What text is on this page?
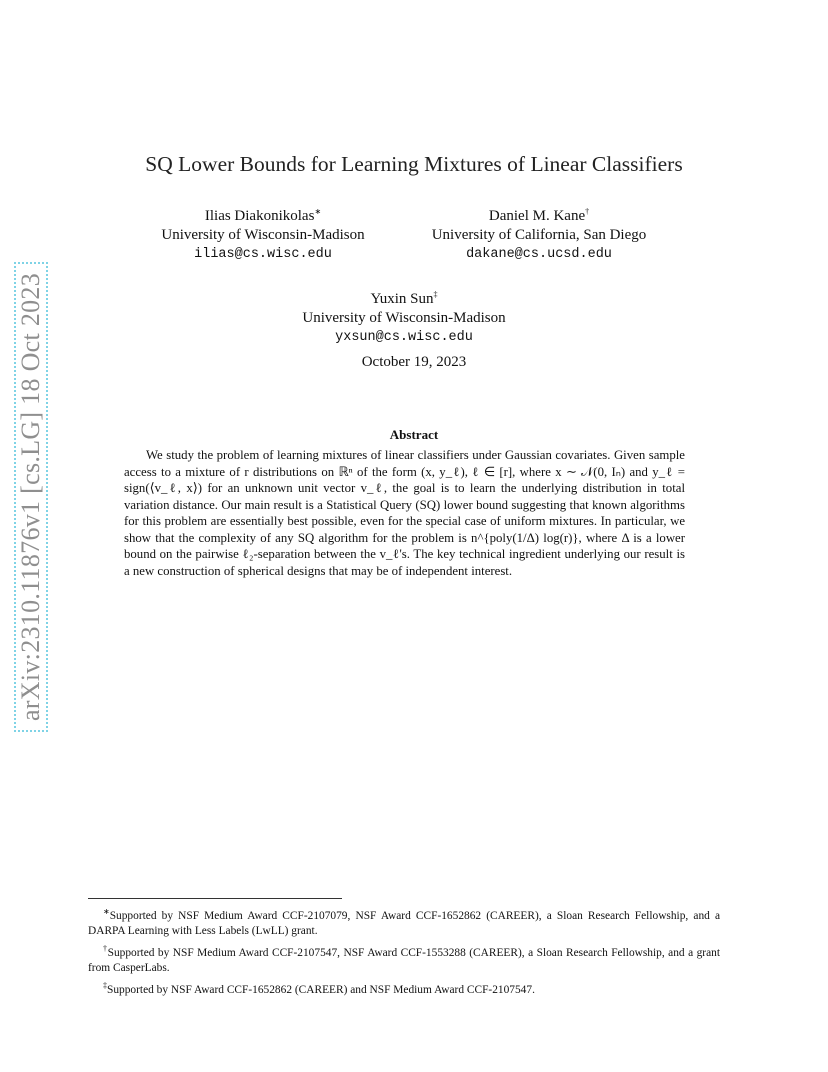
arXiv:2310.11876v1 [cs.LG] 18 Oct 2023
SQ Lower Bounds for Learning Mixtures of Linear Classifiers
Ilias Diakonikolas∗
University of Wisconsin-Madison
ilias@cs.wisc.edu
Daniel M. Kane†
University of California, San Diego
dakane@cs.ucsd.edu
Yuxin Sun‡
University of Wisconsin-Madison
yxsun@cs.wisc.edu
October 19, 2023
Abstract
We study the problem of learning mixtures of linear classifiers under Gaussian covariates. Given sample access to a mixture of r distributions on ℝⁿ of the form (x, y_ℓ), ℓ ∈ [r], where x ∼ 𝒩(0, Iₙ) and y_ℓ = sign(⟨v_ℓ, x⟩) for an unknown unit vector v_ℓ, the goal is to learn the underlying distribution in total variation distance. Our main result is a Statistical Query (SQ) lower bound suggesting that known algorithms for this problem are essentially best possible, even for the special case of uniform mixtures. In particular, we show that the complexity of any SQ algorithm for the problem is n^{poly(1/Δ) log(r)}, where Δ is a lower bound on the pairwise ℓ₂-separation between the v_ℓ's. The key technical ingredient underlying our result is a new construction of spherical designs that may be of independent interest.

∗Supported by NSF Medium Award CCF-2107079, NSF Award CCF-1652862 (CAREER), a Sloan Research Fellowship, and a DARPA Learning with Less Labels (LwLL) grant.

†Supported by NSF Medium Award CCF-2107547, NSF Award CCF-1553288 (CAREER), a Sloan Research Fellowship, and a grant from CasperLabs.

‡Supported by NSF Award CCF-1652862 (CAREER) and NSF Medium Award CCF-2107547.
